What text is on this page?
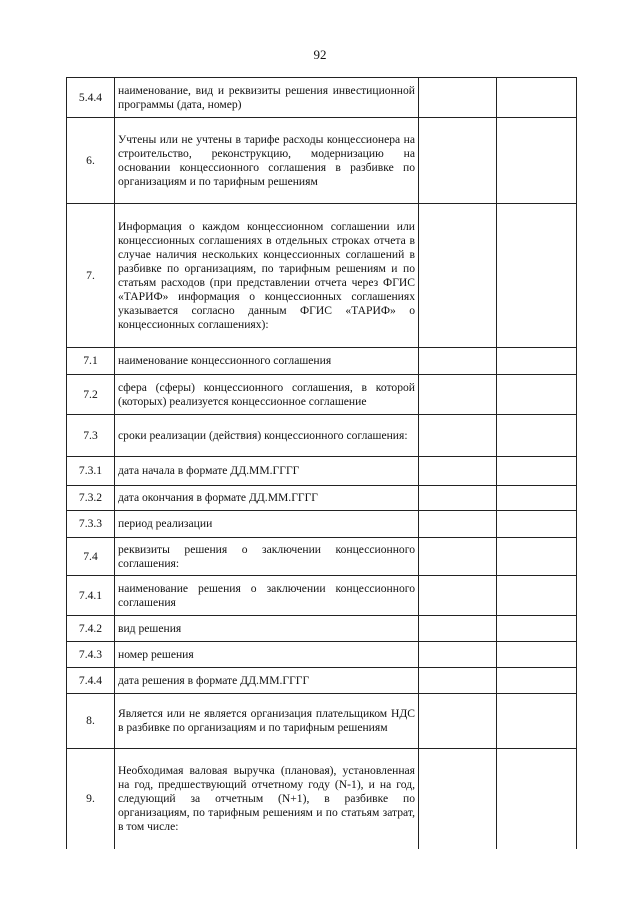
92
5.4.4	наименование, вид и реквизиты решения инвестиционной программы (дата, номер)		
6.	Учтены или не учтены в тарифе расходы концессионера на строительство, реконструкцию, модернизацию на основании концессионного соглашения в разбивке по организациям и по тарифным решениям		
7.	Информация о каждом концессионном соглашении или концессионных соглашениях в отдельных строках отчета в случае наличия нескольких концессионных соглашений в разбивке по организациям, по тарифным решениям и по статьям расходов (при представлении отчета через ФГИС «ТАРИФ» информация о концессионных соглашениях указывается согласно данным ФГИС «ТАРИФ» о концессионных соглашениях):		
7.1	наименование концессионного соглашения		
7.2	сфера (сферы) концессионного соглашения, в которой (которых) реализуется концессионное соглашение		
7.3	сроки реализации (действия) концессионного соглашения:		
7.3.1	дата начала в формате ДД.ММ.ГГГГ		
7.3.2	дата окончания в формате ДД.ММ.ГГГГ		
7.3.3	период реализации		
7.4	реквизиты решения о заключении концессионного соглашения:		
7.4.1	наименование решения о заключении концессионного соглашения		
7.4.2	вид решения		
7.4.3	номер решения		
7.4.4	дата решения в формате ДД.ММ.ГГГГ		
8.	Является или не является организация плательщиком НДС в разбивке по организациям и по тарифным решениям		
9.	Необходимая валовая выручка (плановая), установленная на год, предшествующий отчетному году (N-1), и на год, следующий за отчетным (N+1), в разбивке по организациям, по тарифным решениям и по статьям затрат, в том числе:		
